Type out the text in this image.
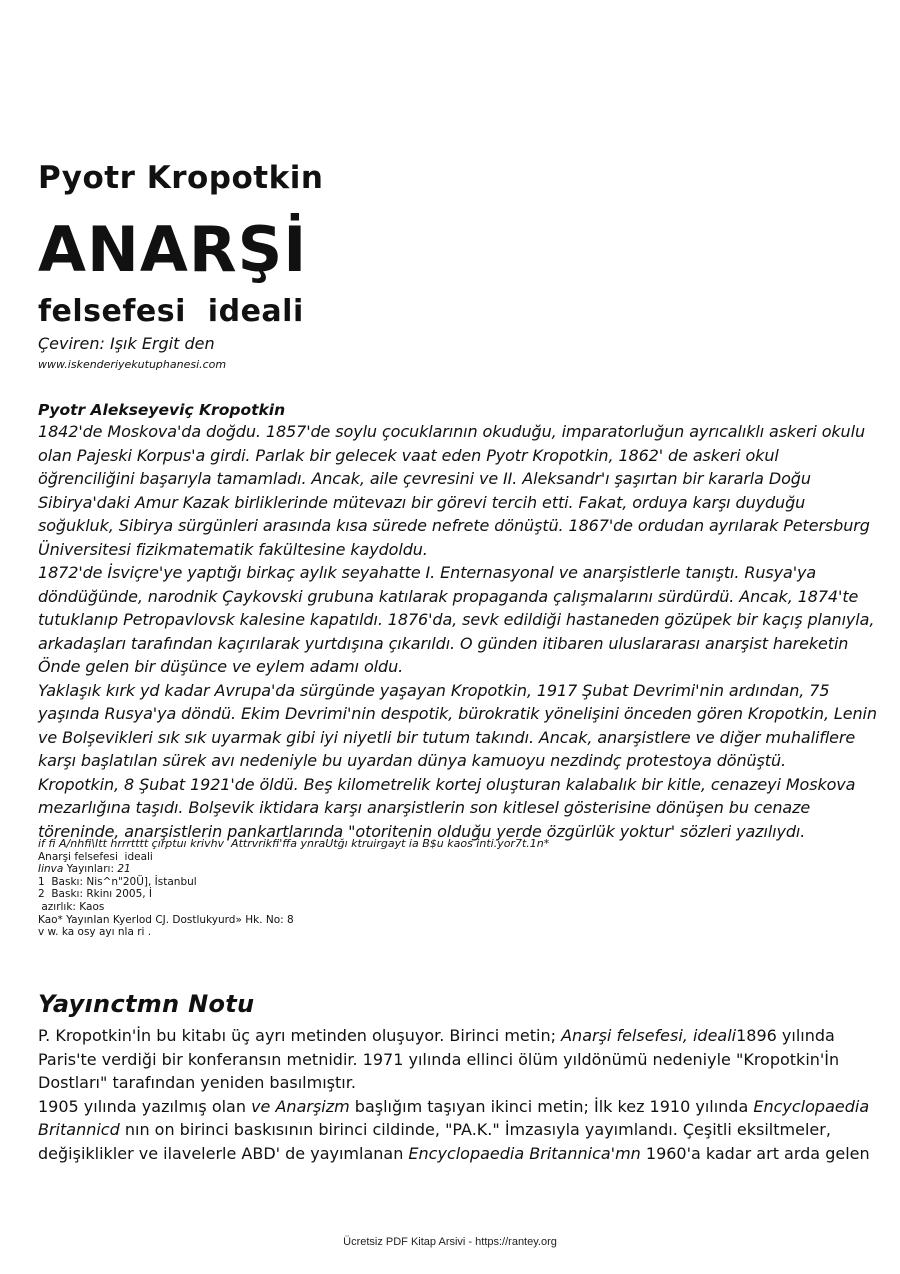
Pyotr Kropotkin
ANARŞİ
felsefesi  ideali
Çeviren: Işık Ergit den
www.iskenderiyekutuphanesi.com
Pyotr Alekseyeviç Kropotkin

1842'de Moskova'da doğdu. 1857'de soylu çocuklarının okuduğu, imparatorluğun ayrıcalıklı askeri okulu olan Pajeski Korpus'a girdi. Parlak bir gelecek vaat eden Pyotr Kropotkin, 1862' de askeri okul öğrenciliğini başarıyla tamamladı. Ancak, aile çevresini ve II. Aleksandr'ı şaşırtan bir kararla Doğu Sibirya'daki Amur Kazak birliklerinde mütevazı bir görevi tercih etti. Fakat, orduya karşı duyduğu soğukluk, Sibirya sürgünleri arasında kısa sürede nefrete dönüştü. 1867'de ordudan ayrılarak Petersburg Üniversitesi fizikmatematik fakültesine kaydoldu.

1872'de İsviçre'ye yaptığı birkaç aylık seyahatte I. Enternasyonal ve anarşistlerle tanıştı. Rusya'ya döndüğünde, narodnik Çaykovski grubuna katılarak propaganda çalışmalarını sürdürdü. Ancak, 1874'te tutuklanıp Petropavlovsk kalesine kapatıldı. 1876'da, sevk edildiği hastaneden gözüpek bir kaçış planıyla, arkadaşları tarafından kaçırılarak yurtdışına çıkarıldı. O günden itibaren uluslararası anarşist hareketin Önde gelen bir düşünce ve eylem adamı oldu.

Yaklaşık kırk yd kadar Avrupa'da sürgünde yaşayan Kropotkin, 1917 Şubat Devrimi'nin ardından, 75 yaşında Rusya'ya döndü. Ekim Devrimi'nin despotik, bürokratik yönelişini önceden gören Kropotkin, Lenin ve Bolşevikleri sık sık uyarmak gibi iyi niyetli bir tutum takındı. Ancak, anarşistlere ve diğer muhaliflere karşı başlatılan sürek avı nedeniyle bu uyardan dünya kamuoyu nezdindç protestoya dönüştü.

Kropotkin, 8 Şubat 1921'de öldü. Beş kilometrelik kortej oluşturan kalabalık bir kitle, cenazeyi Moskova mezarlığına taşıdı. Bolşevik iktidara karşı anarşistlerin son kitlesel gösterisine dönüşen bu cenaze töreninde, anarşistlerin pankartlarında "otoritenin olduğu yerde özgürlük yoktur' sözleri yazılıydı.

if fi A/nhfi\Itt hrrrtttt çırptuı krivhv  Attrvrikfi'ffa ynraUtğı ktruirgayt ia B$u kaos inti.yor7t.1n*
Anarşi felsefesi  ideali
Iinva Yayınları: 21
1  Baskı: Nis^n"20Ü], İstanbul
2  Baskı: Rkinı 2005, İ
azırlık: Kaos
Kao* YayınIan Kyerlod CJ. Dostlukyurd» Hk. No: 8
v w. ka osy ayı nla ri .
Yayınctmn Notu

P. Kropotkin'İn bu kitabı üç ayrı metinden oluşuyor. Birinci metin; Anarşi felsefesi, ideali1896 yılında Paris'te verdiği bir konferansın metnidir. 1971 yılında ellinci ölüm yıldönümü nedeniyle "Kropotkin'İn Dostları" tarafından yeniden basılmıştır.

1905 yılında yazılmış olan ve Anarşizm başlığım taşıyan ikinci metin; İlk kez 1910 yılında Encyclopaedia Britannicd nın on birinci baskısının birinci cildinde, "PA.K." İmzasıyla yayımlandı. Çeşitli eksiltmeler, değişiklikler ve ilavelerle ABD' de yayımlanan Encyclopaedia Britannica'mn 1960'a kadar art arda gelen

Ücretsiz PDF Kitap Arsivi - https://rantey.org
